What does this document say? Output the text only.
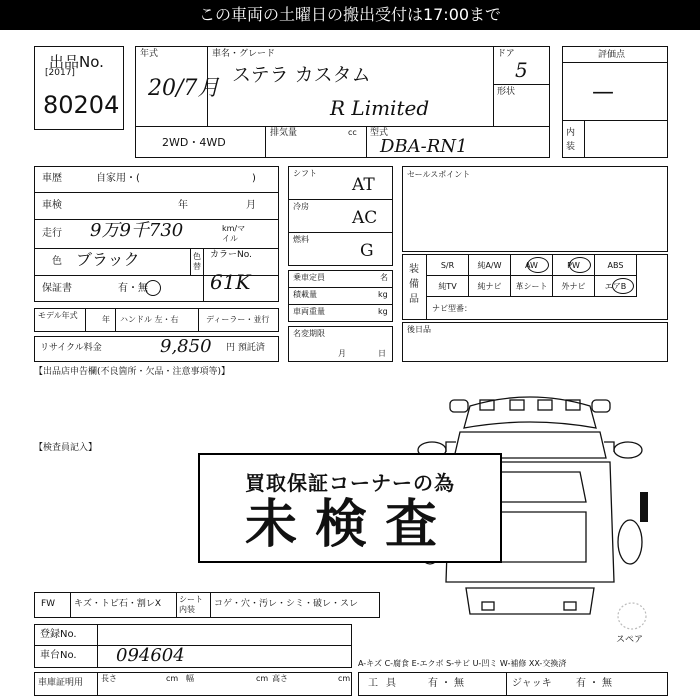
この車両の土曜日の搬出受付は17:00まで
出品No.
[2017]
80204
年式
20/7月
車名・グレード
ステラ カスタム
R Limited
ドア
5
形状
2WD・4WD
排気量	cc 型式
DBA-RN1
評価点
—
内装
車歴	自家用・(	)
車検	年	月
走行 9万9千730	km/マイル
色 ブラック	色替
カラーNo.
61K
保証書	有・無
モデル年式	年 ハンドル 左・右	ディーラー・並行
リサイクル料金	9,850 円 預託済
シフト
AT
冷房
AC
燃料
G
乗車定員	名
積載量	kg
車両重量	kg
名変期限
月	日
セールスポイント
装備品
S/R	純A/W	AW	PW	ABS
純TV	純ナビ	革シート	外ナビ	エアB
ナビ型番：
後日品
【出品店申告欄(不良箇所・欠品・注意事項等)】
【検査員記入】
スペア
買取保証コーナーの為
未検査
FW キズ・トビ石・割レX シート内装
コゲ・穴・汚レ・シミ・破レ・スレ
登録No.
車台No. 094604
車庫証明用 長さ	cm 幅	cm 高さ	cm
A-キズ C-腐食 E-エクボ S-サビ U-凹ミ W-補修 XX-交換済
工具 有・無	ジャッキ 有・無
